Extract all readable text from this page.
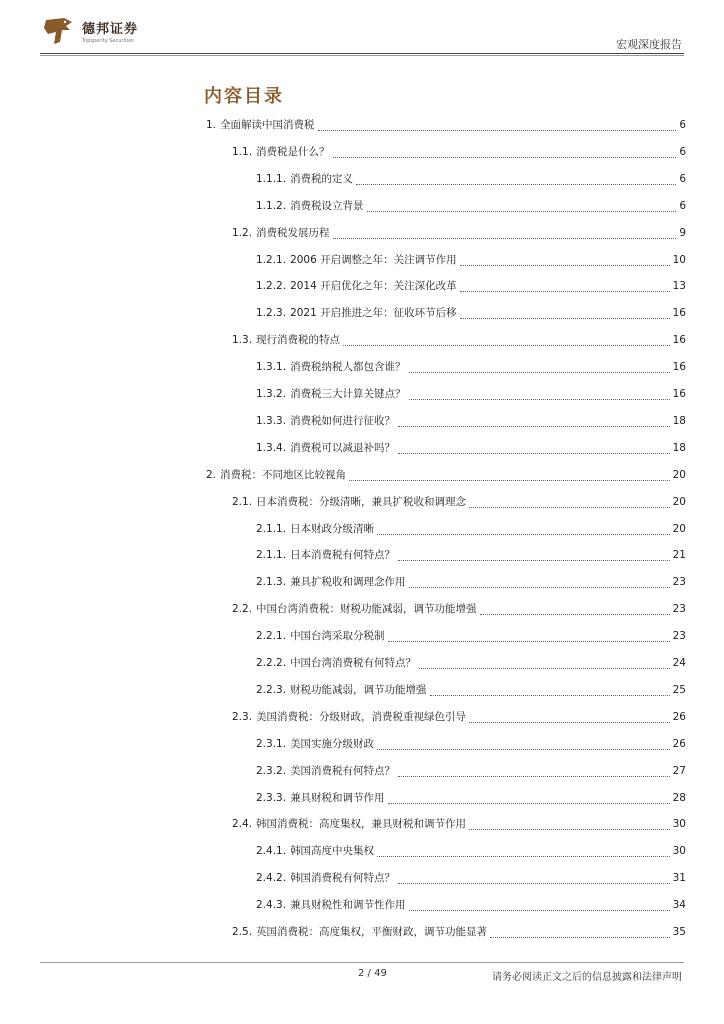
德邦证券
Topsperity Securities	宏观深度报告
内容目录
1. 全面解读中国消费税	6
1.1. 消费税是什么？	6
1.1.1. 消费税的定义	6
1.1.2. 消费税设立背景	6
1.2. 消费税发展历程	9
1.2.1. 2006 开启调整之年：关注调节作用	10
1.2.2. 2014 开启优化之年：关注深化改革	13
1.2.3. 2021 开启推进之年：征收环节后移	16
1.3. 现行消费税的特点	16
1.3.1. 消费税纳税人都包含谁？	16
1.3.2. 消费税三大计算关键点？	16
1.3.3. 消费税如何进行征收？	18
1.3.4. 消费税可以减退补吗？	18
2. 消费税：不同地区比较视角	20
2.1. 日本消费税：分级清晰，兼具扩税收和调理念	20
2.1.1. 日本财政分级清晰	20
2.1.1. 日本消费税有何特点？	21
2.1.3. 兼具扩税收和调理念作用	23
2.2. 中国台湾消费税：财税功能减弱，调节功能增强	23
2.2.1. 中国台湾采取分税制	23
2.2.2. 中国台湾消费税有何特点？	24
2.2.3. 财税功能减弱，调节功能增强	25
2.3. 美国消费税：分级财政，消费税重视绿色引导	26
2.3.1. 美国实施分级财政	26
2.3.2. 美国消费税有何特点？	27
2.3.3. 兼具财税和调节作用	28
2.4. 韩国消费税：高度集权，兼具财税和调节作用	30
2.4.1. 韩国高度中央集权	30
2.4.2. 韩国消费税有何特点？	31
2.4.3. 兼具财税性和调节性作用	34
2.5. 英国消费税：高度集权，平衡财政，调节功能显著	35
2 / 49	请务必阅读正文之后的信息披露和法律声明
